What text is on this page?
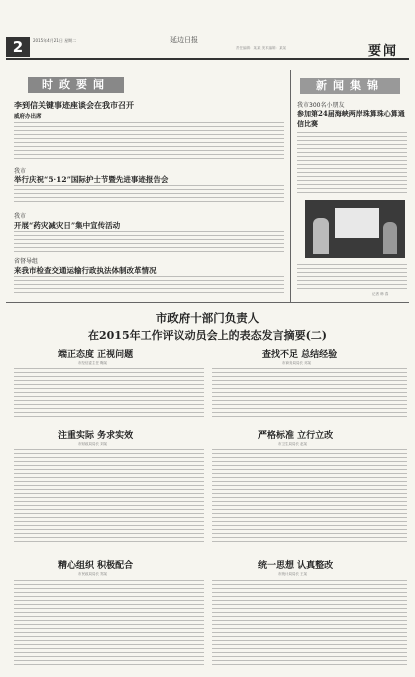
2	2015年4月21日 星期二	延边日报
责任编辑：某某 美术编辑：某某	要闻
时政要闻
李到信关键事迹座谈会在我市召开
威府办出席
我市
举行庆祝“5·12”国际护士节暨先进事迹报告会
我市
开展“药灾减灾日”集中宣传活动
省督导组
来我市检查交通运输行政执法体制改革情况
新闻集锦
我市300名小朋友
参加第24届海峡两岸珠算珠心算通信比赛
记者 韩 春
市政府十部门负责人
在2015年工作评议动员会上的表态发言摘要(二)
端正态度 正视问题
市经信委主任 鞠某
查找不足 总结经验
市商务局局长 邓某
注重实际 务求实效
市财政局局长 刘某
严格标准 立行立改
市卫生局局长 赵某
精心组织 积极配合
市民政局局长 郑某
统一思想 认真整改
市统计局局长 王某
